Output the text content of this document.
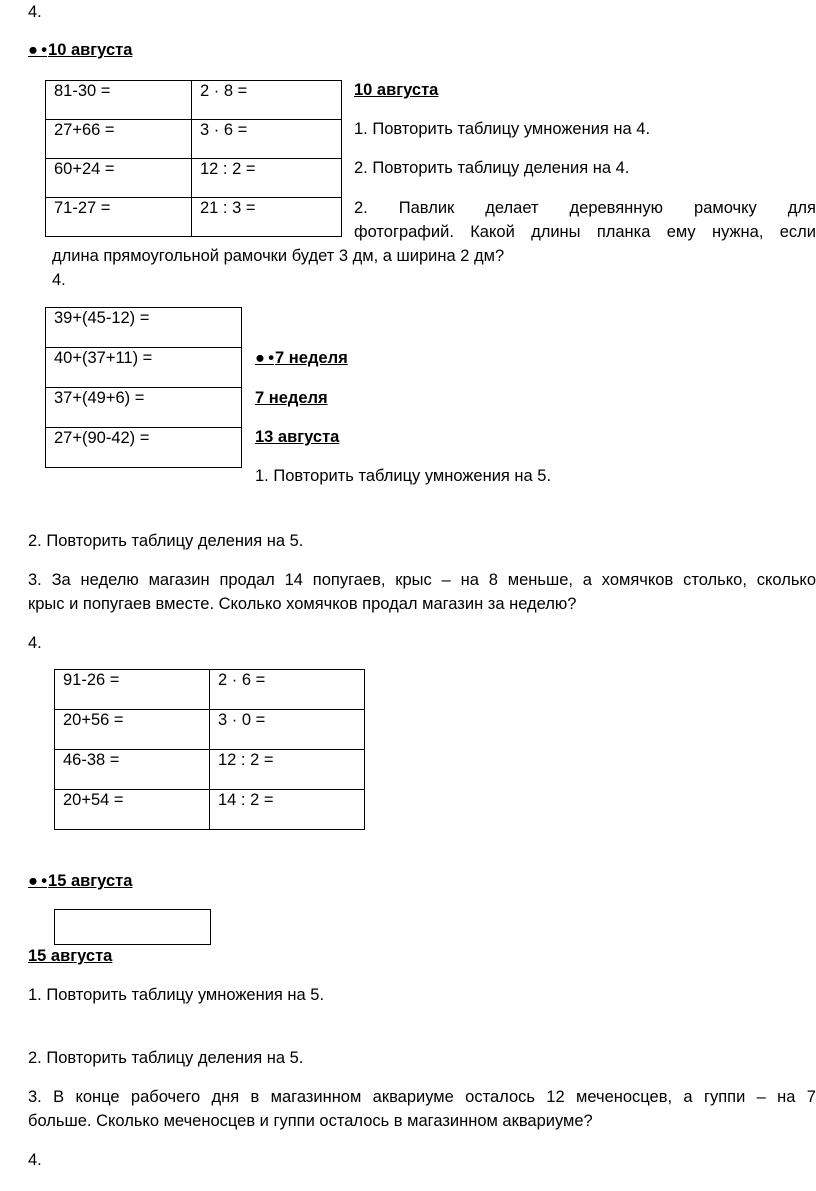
4.
● • 10 августа
81-30 =	2 · 8 =
27+66 =	3 · 6 =
60+24 =	12 : 2 =
71-27 =	21 : 3 =
10 августа
1. Повторить таблицу умножения на 4.
2. Повторить таблицу деления на 4.
2. Павлик делает деревянную рамочку для
фотографий. Какой длины планка ему нужна, если
длина прямоугольной рамочки будет 3 дм, а ширина 2 дм?
4.
39+(45-12) =
40+(37+11) =
37+(49+6) =
27+(90-42) =
● • 7 неделя
7 неделя
13 августа
1. Повторить таблицу умножения на 5.
2. Повторить таблицу деления на 5.
3. За неделю магазин продал 14 попугаев, крыс – на 8 меньше, а хомячков столько, сколько
крыс и попугаев вместе. Сколько хомячков продал магазин за неделю?
4.
91-26 =	2 · 6 =
20+56 =	3 · 0 =
46-38 =	12 : 2 =
20+54 =	14 : 2 =
● • 15 августа
15 августа
1. Повторить таблицу умножения на 5.
2. Повторить таблицу деления на 5.
3. В конце рабочего дня в магазинном аквариуме осталось 12 меченосцев, а гуппи – на 7
больше. Сколько меченосцев и гуппи осталось в магазинном аквариуме?
4.
